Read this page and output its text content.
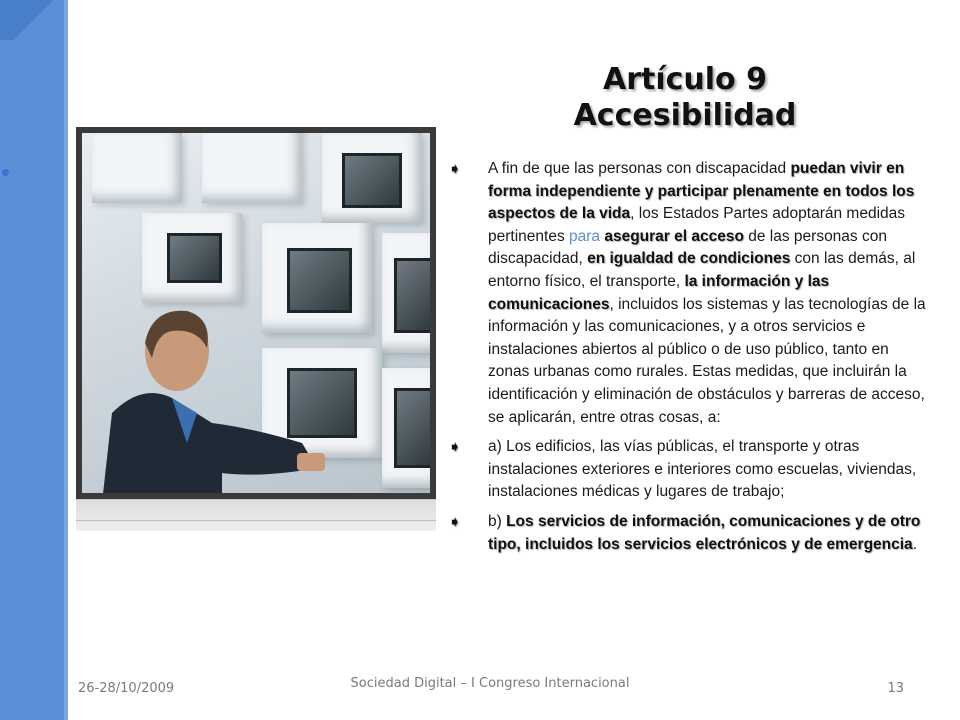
Artículo 9
Accesibilidad
➧ A fin de que las personas con discapacidad puedan vivir en forma independiente y participar plenamente en todos los aspectos de la vida, los Estados Partes adoptarán medidas pertinentes para asegurar el acceso de las personas con discapacidad, en igualdad de condiciones con las demás, al entorno físico, el transporte, la información y las comunicaciones, incluidos los sistemas y las tecnologías de la información y las comunicaciones, y a otros servicios e instalaciones abiertos al público o de uso público, tanto en zonas urbanas como rurales. Estas medidas, que incluirán la identificación y eliminación de obstáculos y barreras de acceso, se aplicarán, entre otras cosas, a:
➧ a) Los edificios, las vías públicas, el transporte y otras instalaciones exteriores e interiores como escuelas, viviendas, instalaciones médicas y lugares de trabajo;
➧ b) Los servicios de información, comunicaciones y de otro tipo, incluidos los servicios electrónicos y de emergencia.
26-28/10/2009	Sociedad Digital – I Congreso Internacional	13
